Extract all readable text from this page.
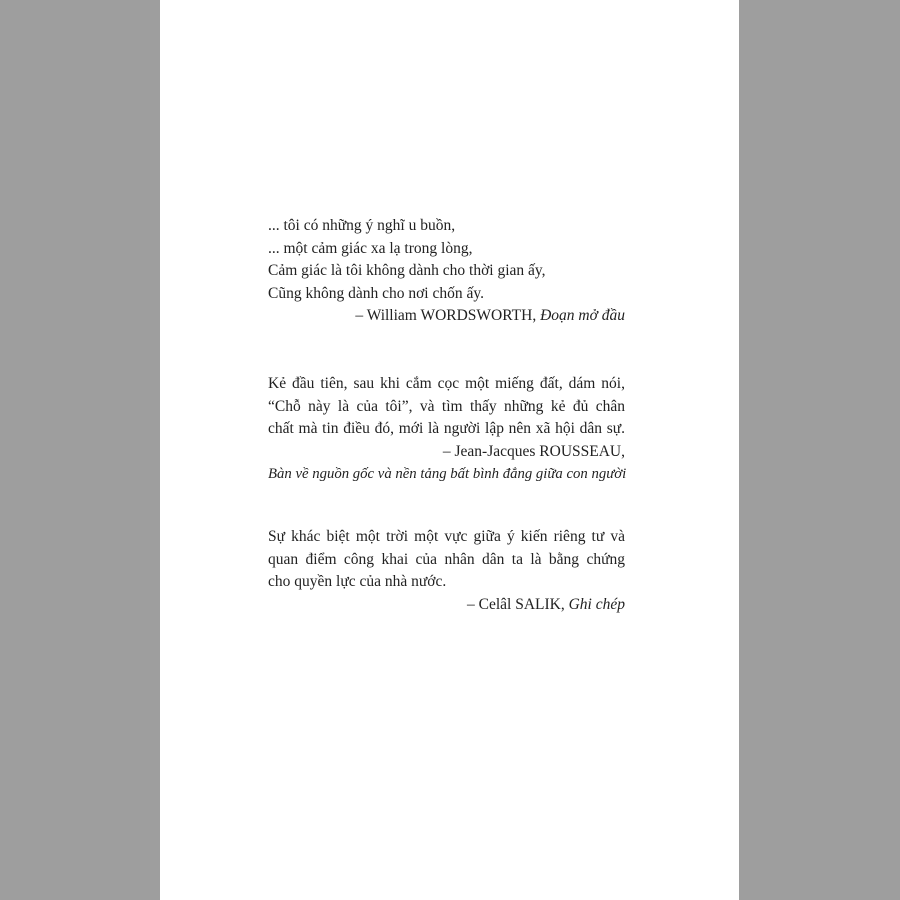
... tôi có những ý nghĩ u buồn,
... một cảm giác xa lạ trong lòng,
Cảm giác là tôi không dành cho thời gian ấy,
Cũng không dành cho nơi chốn ấy.
– William WORDSWORTH, Đoạn mở đầu
Kẻ đầu tiên, sau khi cắm cọc một miếng đất, dám nói,
“Chỗ này là của tôi”, và tìm thấy những kẻ đủ chân
chất mà tin điều đó, mới là người lập nên xã hội dân sự.
– Jean-Jacques ROUSSEAU,
Bàn về nguồn gốc và nền tảng bất bình đẳng giữa con người
Sự khác biệt một trời một vực giữa ý kiến riêng tư và
quan điểm công khai của nhân dân ta là bằng chứng
cho quyền lực của nhà nước.
– Celâl SALIK, Ghi chép
